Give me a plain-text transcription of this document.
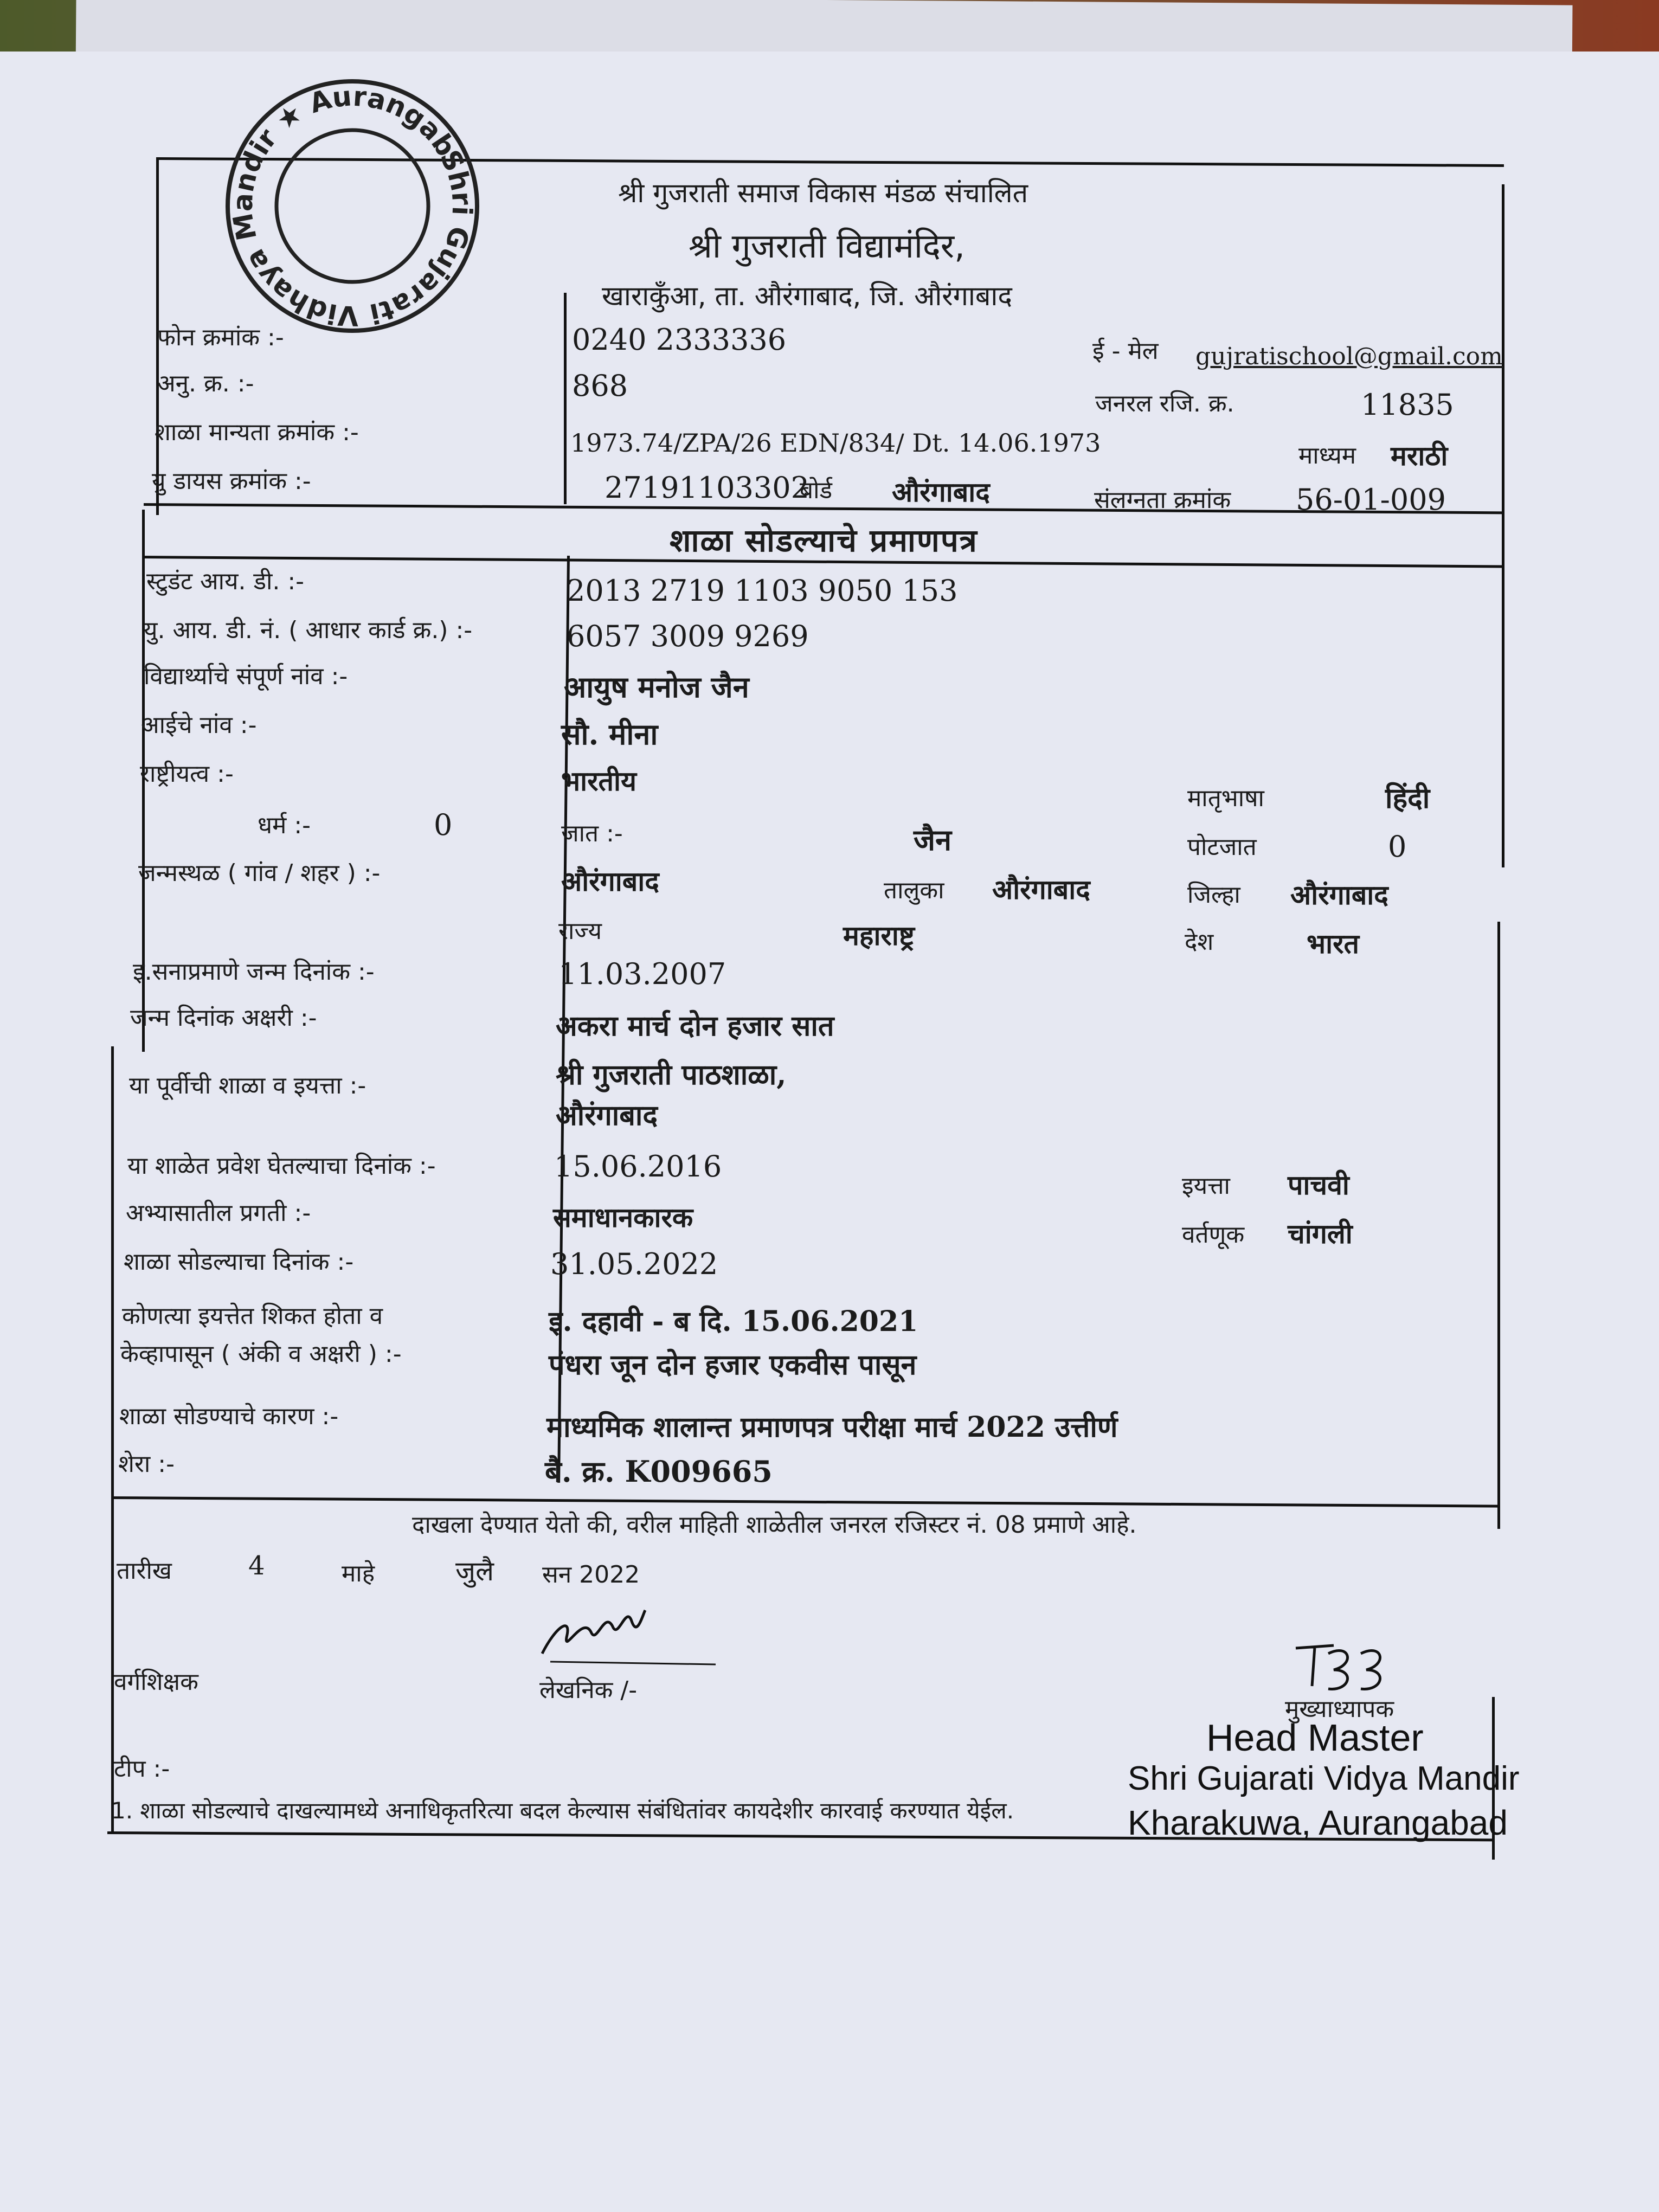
Shri Gujarati Vidhaya Mandir ★ Aurangabad.
श्री गुजराती समाज विकास मंडळ संचालित
श्री गुजराती विद्यामंदिर,
खाराकुँआ, ता. औरंगाबाद, जि. औरंगाबाद
फोन क्रमांक :-	0240 2333336
अनु. क्र. :-	868
शाळा मान्यता क्रमांक :-	1973.74/ZPA/26 EDN/834/ Dt. 14.06.1973
यु डायस क्रमांक :-	27191103302
बोर्ड औरंगाबाद
ई - मेल gujratischool@gmail.com
जनरल रजि. क्र.	11835
माध्यम मराठी
संलग्नता क्रमांक 56-01-009
शाळा सोडल्याचे प्रमाणपत्र
स्टुडंट आय. डी. :-	2013 2719 1103 9050 153
यु. आय. डी. नं. ( आधार कार्ड क्र.) :-	6057 3009 9269
विद्यार्थ्याचे संपूर्ण नांव :-	आयुष मनोज जैन
आईचे नांव :-	सौ. मीना
राष्ट्रीयत्व :-	भारतीय
मातृभाषा	हिंदी
धर्म :-	0	जात :-	जैन	पोटजात	0
जन्मस्थळ ( गांव / शहर ) :-	औरंगाबाद	तालुका औरंगाबाद	जिल्हा औरंगाबाद
राज्य	महाराष्ट्र	देश	भारत
इ.सनाप्रमाणे जन्म दिनांक :-	11.03.2007
जन्म दिनांक अक्षरी :-	अकरा मार्च दोन हजार सात
या पूर्वीची शाळा व इयत्ता :-	श्री गुजराती पाठशाळा,
औरंगाबाद
या शाळेत प्रवेश घेतल्याचा दिनांक :-	15.06.2016
इयत्ता पाचवी
अभ्यासातील प्रगती :-	समाधानकारक
वर्तणूक चांगली
शाळा सोडल्याचा दिनांक :-	31.05.2022
कोणत्या इयत्तेत शिकत होता व
केव्हापासून ( अंकी व अक्षरी ) :-
इ. दहावी - ब दि. 15.06.2021
पंधरा जून दोन हजार एकवीस पासून
शाळा सोडण्याचे कारण :-	माध्यमिक शालान्त प्रमाणपत्र परीक्षा मार्च 2022 उत्तीर्ण
शेरा :-	बै. क्र. K009665
दाखला देण्यात येतो की, वरील माहिती शाळेतील जनरल रजिस्टर नं. 08 प्रमाणे आहे.
तारीख	4	माहे	जुलै सन 2022
लेखनिक /-
वर्गशिक्षक
मुख्याध्यापक
Head Master
Shri Gujarati Vidya Mandir
Kharakuwa, Aurangabad
टीप :-
1. शाळा सोडल्याचे दाखल्यामध्ये अनाधिकृतरित्या बदल केल्यास संबंधितांवर कायदेशीर कारवाई करण्यात येईल.
